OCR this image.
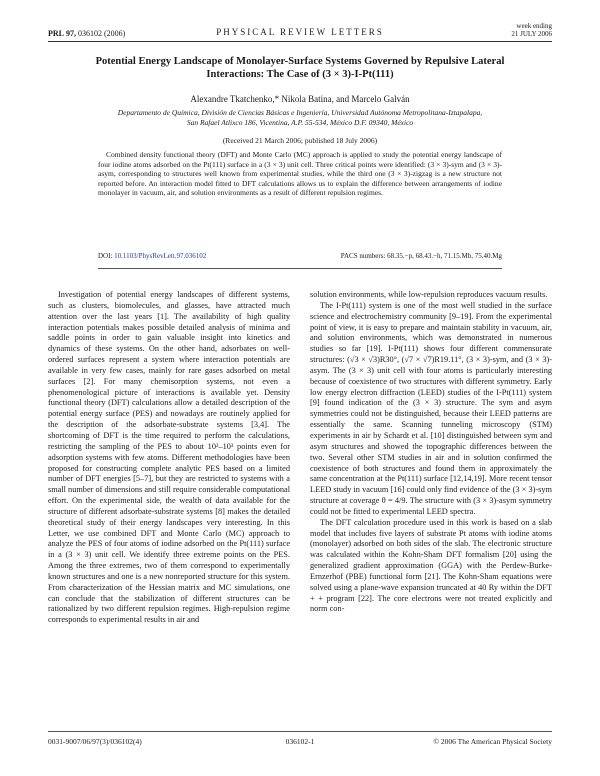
PRL 97, 036102 (2006)	PHYSICAL REVIEW LETTERS
week ending
21 JULY 2006
Potential Energy Landscape of Monolayer-Surface Systems Governed by Repulsive Lateral
Interactions: The Case of (3 × 3)-I-Pt(111)
Alexandre Tkatchenko,* Nikola Batina, and Marcelo Galván
Departamento de Química, División de Ciencias Básicas e Ingeniería, Universidad Autónoma Metropolitana-Iztapalapa,
San Rafael Atlixco 186, Vicentina, A.P. 55-534, México D.F. 09340, México
(Received 21 March 2006; published 18 July 2006)
Combined density functional theory (DFT) and Monte Carlo (MC) approach is applied to study the potential energy landscape of four iodine atoms adsorbed on the Pt(111) surface in a (3 × 3) unit cell. Three critical points were identified: (3 × 3)-sym and (3 × 3)-asym, corresponding to structures well known from experimental studies, while the third one (3 × 3)-zigzag is a new structure not reported before. An interaction model fitted to DFT calculations allows us to explain the difference between arrangements of iodine monolayer in vacuum, air, and solution environments as a result of different repulsion regimes.
DOI: 10.1103/PhysRevLett.97.036102	PACS numbers: 68.35.−p, 68.43.−h, 71.15.Mb, 75.40.Mg

Investigation of potential energy landscapes of different systems, such as clusters, biomolecules, and glasses, have attracted much attention over the last years [1]. The availability of high quality interaction potentials makes possible detailed analysis of minima and saddle points in order to gain valuable insight into kinetics and dynamics of these systems. On the other hand, adsorbates on well-ordered surfaces represent a system where interaction potentials are available in very few cases, mainly for rare gases adsorbed on metal surfaces [2]. For many chemisorption systems, not even a phenomenological picture of interactions is available yet. Density functional theory (DFT) calculations allow a detailed description of the potential energy surface (PES) and nowadays are routinely applied for the description of the adsorbate-substrate systems [3,4]. The shortcoming of DFT is the time required to perform the calculations, restricting the sampling of the PES to about 10²–10³ points even for adsorption systems with few atoms. Different methodologies have been proposed for constructing complete analytic PES based on a limited number of DFT energies [5–7], but they are restricted to systems with a small number of dimensions and still require considerable computational effort. On the experimental side, the wealth of data available for the structure of different adsorbate-substrate systems [8] makes the detailed theoretical study of their energy landscapes very interesting. In this Letter, we use combined DFT and Monte Carlo (MC) approach to analyze the PES of four atoms of iodine adsorbed on the Pt(111) surface in a (3 × 3) unit cell. We identify three extreme points on the PES. Among the three extremes, two of them correspond to experimentally known structures and one is a new nonreported structure for this system. From characterization of the Hessian matrix and MC simulations, one can conclude that the stabilization of different structures can be rationalized by two different repulsion regimes. High-repulsion regime corresponds to experimental results in air and

solution environments, while low-repulsion reproduces vacuum results.

The I-Pt(111) system is one of the most well studied in the surface science and electrochemistry community [9–19]. From the experimental point of view, it is easy to prepare and maintain stability in vacuum, air, and solution environments, which was demonstrated in numerous studies so far [19]. I-Pt(111) shows four different commensurate structures: (√3 × √3)R30°, (√7 × √7)R19.11°, (3 × 3)-sym, and (3 × 3)-asym. The (3 × 3) unit cell with four atoms is particularly interesting because of coexistence of two structures with different symmetry. Early low energy electron diffraction (LEED) studies of the I-Pt(111) system [9] found indication of the (3 × 3) structure. The sym and asym symmetries could not be distinguished, because their LEED patterns are essentially the same. Scanning tunneling microscopy (STM) experiments in air by Schardt et al. [10] distinguished between sym and asym structures and showed the topographic differences between the two. Several other STM studies in air and in solution confirmed the coexistence of both structures and found them in approximately the same concentration at the Pt(111) surface [12,14,19]. More recent tensor LEED study in vacuum [16] could only find evidence of the (3 × 3)-sym structure at coverage θ = 4/9. The structure with (3 × 3)-asym symmetry could not be fitted to experimental LEED spectra.

The DFT calculation procedure used in this work is based on a slab model that includes five layers of substrate Pt atoms with iodine atoms (monolayer) adsorbed on both sides of the slab. The electronic structure was calculated within the Kohn-Sham DFT formalism [20] using the generalized gradient approximation (GGA) with the Perdew-Burke-Ernzerhof (PBE) functional form [21]. The Kohn-Sham equations were solved using a plane-wave expansion truncated at 40 Ry within the DFT + + program [22]. The core electrons were not treated explicitly and norm con-

0031-9007/06/97(3)/036102(4)	036102-1	© 2006 The American Physical Society
